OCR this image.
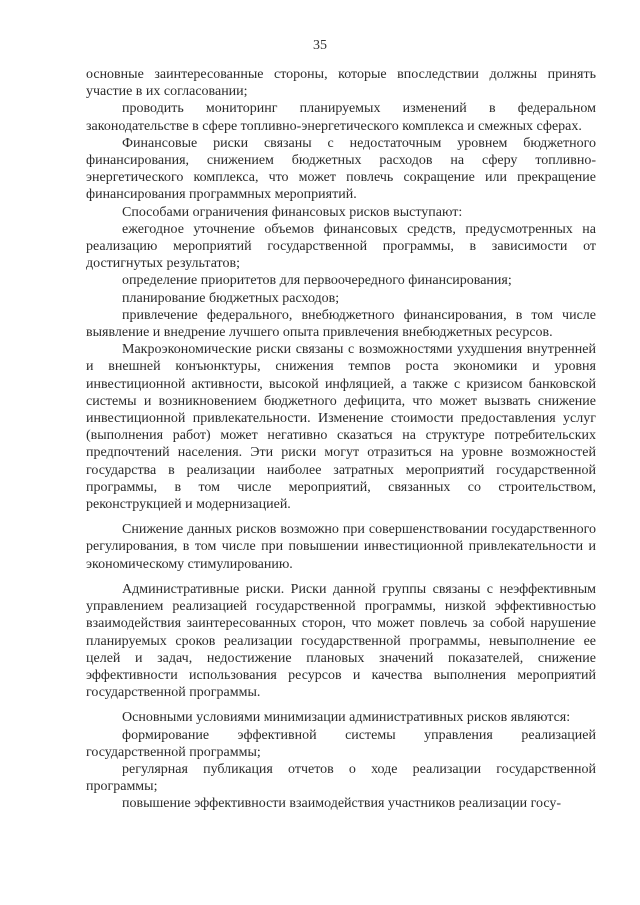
35

основные заинтересованные стороны, которые впоследствии должны принять участие в их согласовании;

проводить мониторинг планируемых изменений в федеральном законодательстве в сфере топливно-энергетического комплекса и смежных сферах.

Финансовые риски связаны с недостаточным уровнем бюджетного финансирования, снижением бюджетных расходов на сферу топливно-энергетического комплекса, что может повлечь сокращение или прекращение финансирования программных мероприятий.

Способами ограничения финансовых рисков выступают:

ежегодное уточнение объемов финансовых средств, предусмотренных на реализацию мероприятий государственной программы, в зависимости от достигнутых результатов;

определение приоритетов для первоочередного финансирования;

планирование бюджетных расходов;

привлечение федерального, внебюджетного финансирования, в том числе выявление и внедрение лучшего опыта привлечения внебюджетных ресурсов.

Макроэкономические риски связаны с возможностями ухудшения внутренней и внешней конъюнктуры, снижения темпов роста экономики и уровня инвестиционной активности, высокой инфляцией, а также с кризисом банковской системы и возникновением бюджетного дефицита, что может вызвать снижение инвестиционной привлекательности. Изменение стоимости предоставления услуг (выполнения работ) может негативно сказаться на структуре потребительских предпочтений населения. Эти риски могут отразиться на уровне возможностей государства в реализации наиболее затратных мероприятий государственной программы, в том числе мероприятий, связанных со строительством, реконструкцией и модернизацией.

Снижение данных рисков возможно при совершенствовании государственного регулирования, в том числе при повышении инвестиционной привлекательности и экономическому стимулированию.

Административные риски. Риски данной группы связаны с неэффективным управлением реализацией государственной программы, низкой эффективностью взаимодействия заинтересованных сторон, что может повлечь за собой нарушение планируемых сроков реализации государственной программы, невыполнение ее целей и задач, недостижение плановых значений показателей, снижение эффективности использования ресурсов и качества выполнения мероприятий государственной программы.

Основными условиями минимизации административных рисков являются:

формирование эффективной системы управления реализацией государственной программы;

регулярная публикация отчетов о ходе реализации государственной программы;

повышение эффективности взаимодействия участников реализации госу-
